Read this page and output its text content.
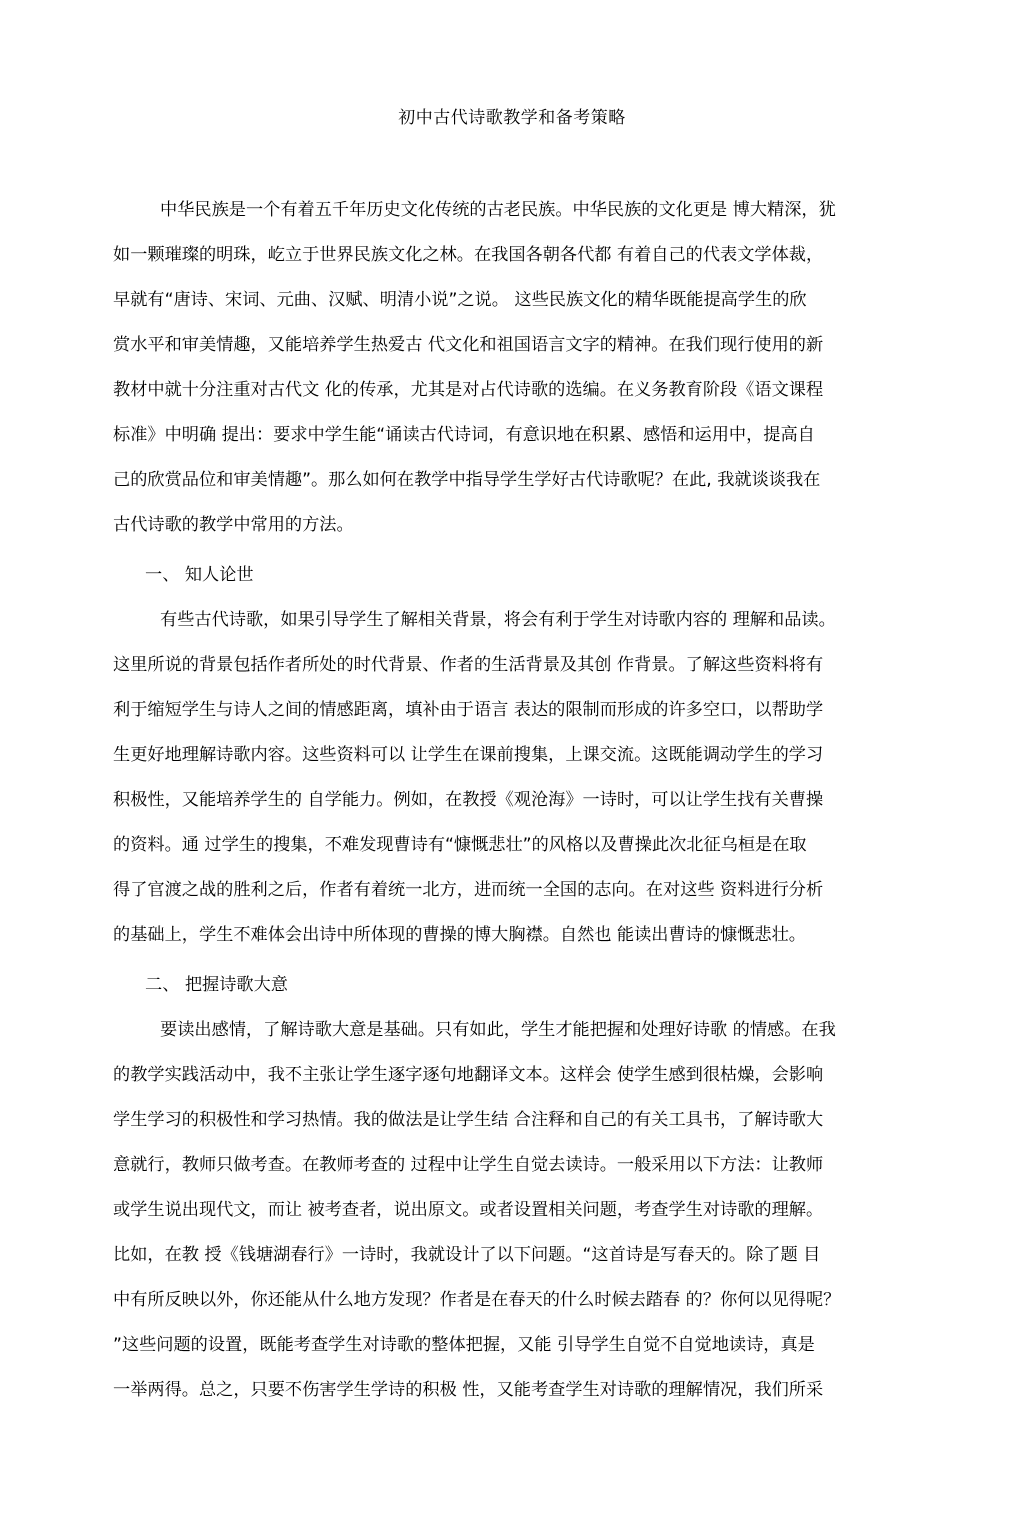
初中古代诗歌教学和备考策略
中华民族是一个有着五千年历史文化传统的古老民族。中华民族的文化更是 博大精深，犹
如一颗璀璨的明珠，屹立于世界民族文化之林。在我国各朝各代都 有着自己的代表文学体裁，
早就有“唐诗、宋词、元曲、汉赋、明清小说”之说。 这些民族文化的精华既能提高学生的欣
赏水平和审美情趣，又能培养学生热爱古 代文化和祖国语言文字的精神。在我们现行使用的新
教材中就十分注重对古代文 化的传承，尤其是对占代诗歌的选编。在义务教育阶段《语文课程
标准》中明确 提出：要求中学生能“诵读古代诗词，有意识地在积累、感悟和运用中，提高自
己的欣赏品位和审美情趣”。那么如何在教学中指导学生学好古代诗歌呢？在此, 我就谈谈我在
古代诗歌的教学中常用的方法。
一、 知人论世
有些古代诗歌，如果引导学生了解相关背景，将会有利于学生对诗歌内容的 理解和品读。
这里所说的背景包括作者所处的时代背景、作者的生活背景及其创 作背景。了解这些资料将有
利于缩短学生与诗人之间的情感距离，填补由于语言 表达的限制而形成的许多空口，以帮助学
生更好地理解诗歌内容。这些资料可以 让学生在课前搜集，上课交流。这既能调动学生的学习
积极性，又能培养学生的 自学能力。例如，在教授《观沧海》一诗时，可以让学生找有关曹操
的资料。通 过学生的搜集，不难发现曹诗有“慷慨悲壮”的风格以及曹操此次北征乌桓是在取
得了官渡之战的胜利之后，作者有着统一北方，进而统一全国的志向。在对这些 资料进行分析
的基础上，学生不难体会出诗中所体现的曹操的博大胸襟。自然也 能读出曹诗的慷慨悲壮。
二、 把握诗歌大意
要读出感情，了解诗歌大意是基础。只有如此，学生才能把握和处理好诗歌 的情感。在我
的教学实践活动中，我不主张让学生逐字逐句地翻译文本。这样会 使学生感到很枯燥，会影响
学生学习的积极性和学习热情。我的做法是让学生结 合注释和自己的有关工具书，了解诗歌大
意就行，教师只做考查。在教师考查的 过程中让学生自觉去读诗。一般采用以下方法：让教师
或学生说出现代文，而让 被考查者，说出原文。或者设置相关问题，考查学生对诗歌的理解。
比如，在教 授《钱塘湖春行》一诗时，我就设计了以下问题。“这首诗是写春天的。除了题 目
中有所反映以外，你还能从什么地方发现？作者是在春天的什么时候去踏春 的？你何以见得呢？
”这些问题的设置，既能考查学生对诗歌的整体把握，又能 引导学生自觉不自觉地读诗，真是
一举两得。总之，只要不伤害学生学诗的积极 性，又能考查学生对诗歌的理解情况，我们所采
